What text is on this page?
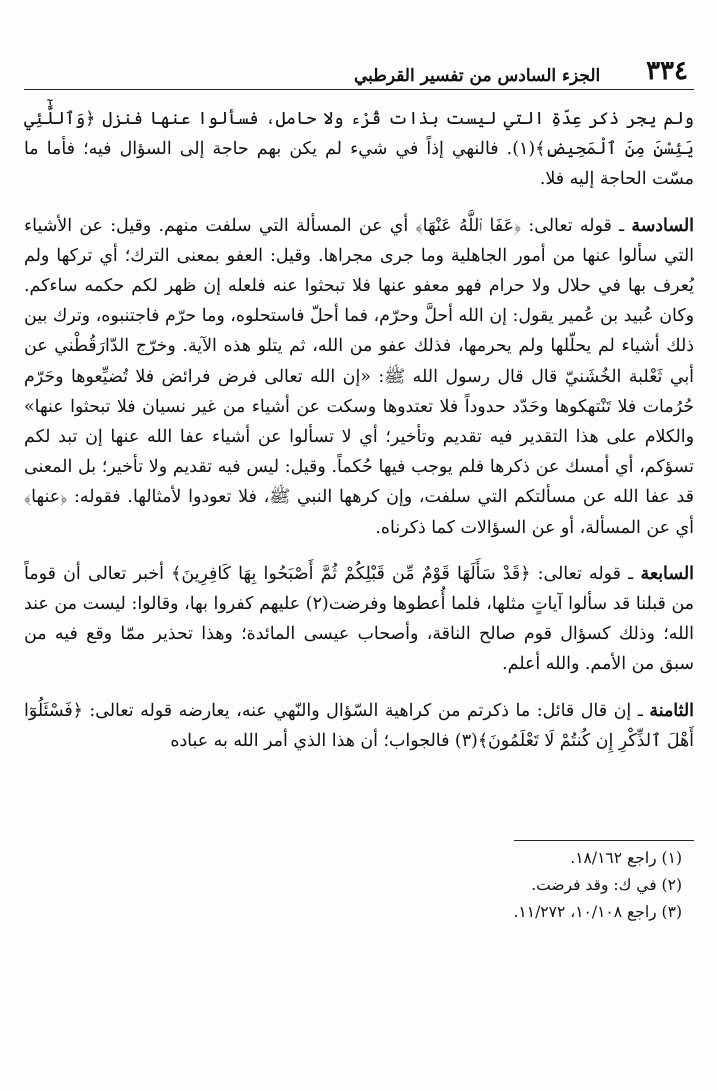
٣٣٤
الجزء السادس من تفسير القرطبي

ولم يجر ذكر عِدّةِ التي ليست بذات قُرْء ولا حامل، فسألوا عنها فنزل ﴿وَٱللَّٰٓئِي يَئِسْنَ مِنَ ٱلْمَحِيضِ﴾(١). فالنهي إذاً في شيء لم يكن بهم حاجة إلى السؤال فيه؛ فأما ما مسّت الحاجة إليه فلا.

السادسة ـ قوله تعالى: ﴿عَفَا ٱللَّهُ عَنْهَا﴾ أي عن المسألة التي سلفت منهم. وقيل: عن الأشياء التي سألوا عنها من أمور الجاهلية وما جرى مجراها. وقيل: العفو بمعنى الترك؛ أي تركها ولم يُعرف بها في حلال ولا حرام فهو معفو عنها فلا تبحثوا عنه فلعله إن ظهر لكم حكمه ساءكم. وكان عُبيد بن عُمير يقول: إن الله أحلَّ وحرّم، فما أحلّ فاستحلوه، وما حرّم فاجتنبوه، وترك بين ذلك أشياء لم يحلّلها ولم يحرمها، فذلك عفو من الله، ثم يتلو هذه الآية. وخرّج الدّارَقُطْني عن أبي ثَعْلبة الخُشَنيّ قال قال رسول الله ﷺ: «إن الله تعالى فرض فرائض فلا تُضيِّعوها وحَرّم حُرُمات فلا تَنْتهكوها وحَدّد حدوداً فلا تعتدوها وسكت عن أشياء من غير نسيان فلا تبحثوا عنها» والكلام على هذا التقدير فيه تقديم وتأخير؛ أي لا تسألوا عن أشياء عفا الله عنها إن تبد لكم تسؤكم، أي أمسك عن ذكرها فلم يوجب فيها حُكماً. وقيل: ليس فيه تقديم ولا تأخير؛ بل المعنى قد عفا الله عن مسألتكم التي سلفت، وإن كرهها النبي ﷺ، فلا تعودوا لأمثالها. فقوله: ﴿عنها﴾ أي عن المسألة، أو عن السؤالات كما ذكرناه.

السابعة ـ قوله تعالى: ﴿قَدْ سَأَلَهَا قَوْمٌ مِّن قَبْلِكُمْ ثُمَّ أَصْبَحُوا بِهَا كَافِرِينَ﴾ أخبر تعالى أن قوماً من قبلنا قد سألوا آياتٍ مثلها، فلما أُعطوها وفرضت(٢) عليهم كفروا بها، وقالوا: ليست من عند الله؛ وذلك كسؤال قوم صالح الناقة، وأصحاب عيسى المائدة؛ وهذا تحذير ممّا وقع فيه من سبق من الأمم. والله أعلم.

الثامنة ـ إن قال قائل: ما ذكرتم من كراهية السّؤال والنّهي عنه، يعارضه قوله تعالى: ﴿فَسْئَلُوٓا أَهْلَ ٱلذِّكْرِ إِن كُنتُمْ لَا تَعْلَمُونَ﴾(٣) فالجواب؛ أن هذا الذي أمر الله به عباده

(١) راجع ١٨/١٦٢.
(٢) في ك: وقد فرضت.
(٣) راجع ١٠/١٠٨، ١١/٢٧٢.
